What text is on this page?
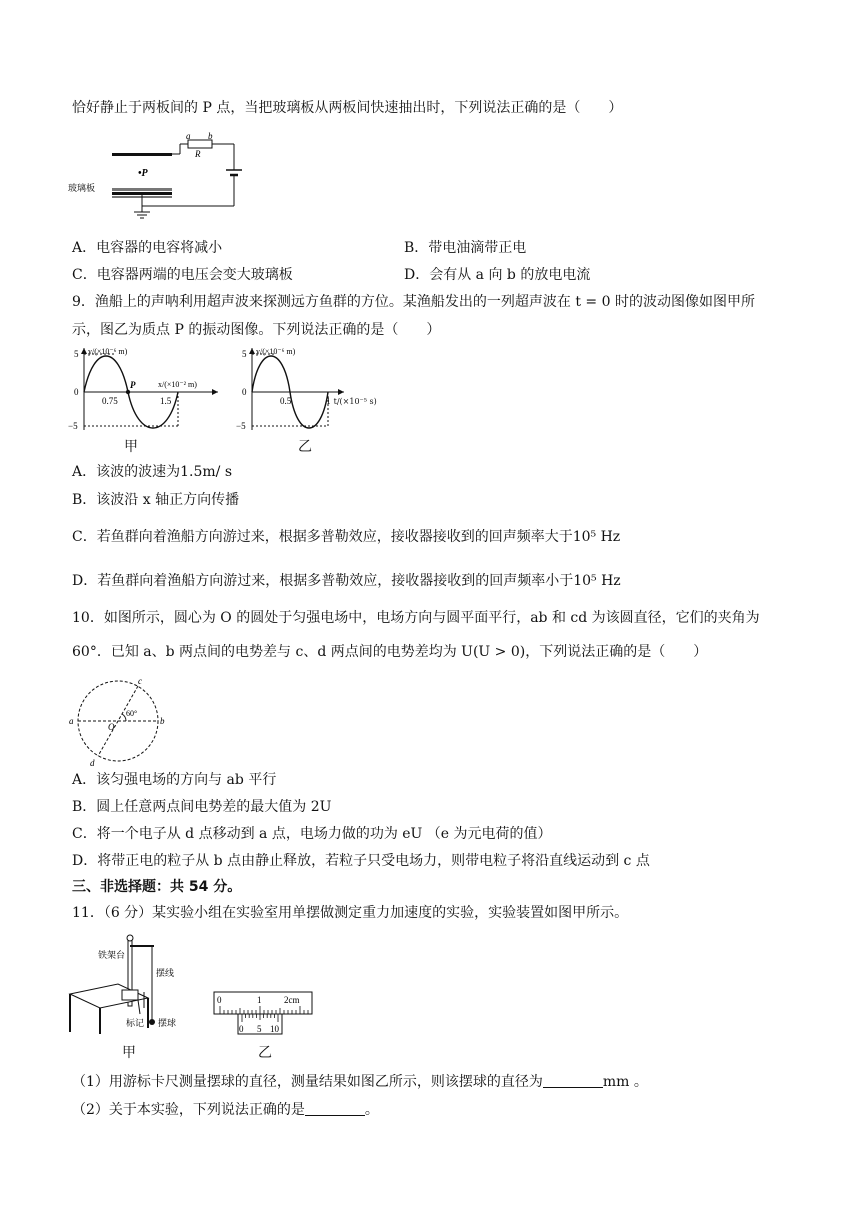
恰好静止于两板间的 P 点，当把玻璃板从两板间快速抽出时，下列说法正确的是（　　）
a b
R
•P
玻璃板
A．电容器的电容将减小	B．带电油滴带正电
C．电容器两端的电压会变大玻璃板	D．会有从 a 向 b 的放电电流
9．渔船上的声呐利用超声波来探测远方鱼群的方位。某渔船发出的一列超声波在 t = 0 时的波动图像如图甲所
示，图乙为质点 P 的振动图像。下列说法正确的是（　　）
y/(×10⁻⁶ m)
x/(×10⁻² m)
5
0
−5
0.75	1.5
P
甲
y/(×10⁻⁶ m)
5
0
−5
0.5	1 t/(×10⁻⁵ s)
乙
A．该波的波速为1.5m/ s
B．该波沿 x 轴正方向传播
C．若鱼群向着渔船方向游过来，根据多普勒效应，接收器接收到的回声频率大于10⁵ Hz
D．若鱼群向着渔船方向游过来，根据多普勒效应，接收器接收到的回声频率小于10⁵ Hz
10．如图所示，圆心为 O 的圆处于匀强电场中，电场方向与圆平面平行，ab 和 cd 为该圆直径，它们的夹角为
60°．已知 a、b 两点间的电势差与 c、d 两点间的电势差均为 U(U > 0)，下列说法正确的是（　　）
a	b
c
d
O
60°
A．该匀强电场的方向与 ab 平行
B．圆上任意两点间电势差的最大值为 2U
C．将一个电子从 d 点移动到 a 点，电场力做的功为 eU （e 为元电荷的值）
D．将带正电的粒子从 b 点由静止释放，若粒子只受电场力，则带电粒子将沿直线运动到 c 点
三、非选择题：共 54 分。
11．（6 分）某实验小组在实验室用单摆做测定重力加速度的实验，实验装置如图甲所示。
铁架台
摆线
标记 摆球
甲
0	1	2cm
0 5 10
乙
（1）用游标卡尺测量摆球的直径，测量结果如图乙所示，则该摆球的直径为	mm 。
（2）关于本实验，下列说法正确的是	。
